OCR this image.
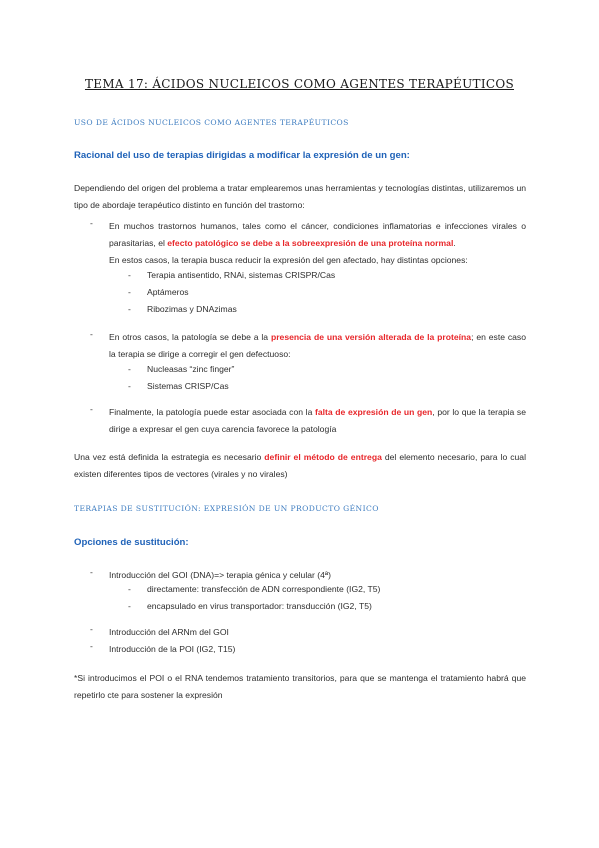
TEMA 17: ÁCIDOS NUCLEICOS COMO AGENTES TERAPÉUTICOS
USO DE ÁCIDOS NUCLEICOS COMO AGENTES TERAPÉUTICOS
Racional del uso de terapias dirigidas a modificar la expresión de un gen:
Dependiendo del origen del problema a tratar emplearemos unas herramientas y tecnologías distintas, utilizaremos un tipo de abordaje terapéutico distinto en función del trastorno:
- En muchos trastornos humanos, tales como el cáncer, condiciones inflamatorias e infecciones virales o parasitarias, el efecto patológico se debe a la sobreexpresión de una proteína normal.
En estos casos, la terapia busca reducir la expresión del gen afectado, hay distintas opciones:
- Terapia antisentido, RNAi, sistemas CRISPR/Cas
- Aptámeros
- Ribozimas y DNAzimas
- En otros casos, la patología se debe a la presencia de una versión alterada de la proteína; en este caso la terapia se dirige a corregir el gen defectuoso:
- Nucleasas “zinc finger”
- Sistemas CRISP/Cas
- Finalmente, la patología puede estar asociada con la falta de expresión de un gen, por lo que la terapia se dirige a expresar el gen cuya carencia favorece la patología
Una vez está definida la estrategia es necesario definir el método de entrega del elemento necesario, para lo cual existen diferentes tipos de vectores (virales y no virales)
TERAPIAS DE SUSTITUCIÓN: EXPRESIÓN DE UN PRODUCTO GÉNICO
Opciones de sustitución:
- Introducción del GOI (DNA)=> terapia génica y celular (4ª)
- directamente: transfección de ADN correspondiente (IG2, T5)
- encapsulado en virus transportador: transducción (IG2, T5)
- Introducción del ARNm del GOI
- Introducción de la POI (IG2, T15)
*Si introducimos el POI o el RNA tendemos tratamiento transitorios, para que se mantenga el tratamiento habrá que repetirlo cte para sostener la expresión
